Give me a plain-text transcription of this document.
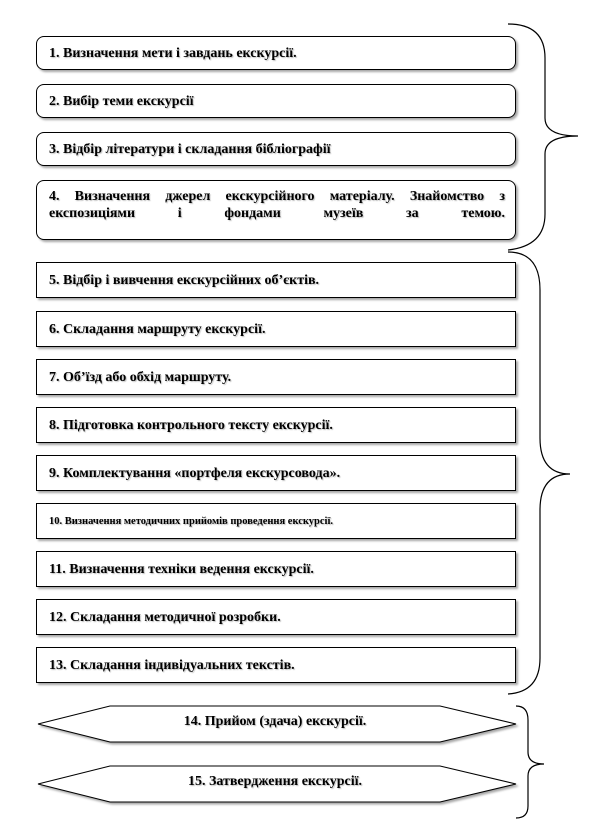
1. Визначення мети і завдань екскурсії.
2. Вибір теми екскурсії
3. Відбір літератури і складання бібліографії
4. Визначення джерел екскурсійного матеріалу. Знайомство з експозиціями і фондами музеїв за темою.
5. Відбір і вивчення екскурсійних об’єктів.
6. Складання маршруту екскурсії.
7. Об’їзд або обхід маршруту.
8. Підготовка контрольного тексту екскурсії.
9. Комплектування «портфеля екскурсовода».
10. Визначення методичних прийомів проведення екскурсії.
11. Визначення техніки ведення екскурсії.
12. Складання методичної розробки.
13. Складання індивідуальних текстів.
14. Прийом (здача) екскурсії.
15. Затвердження екскурсії.
